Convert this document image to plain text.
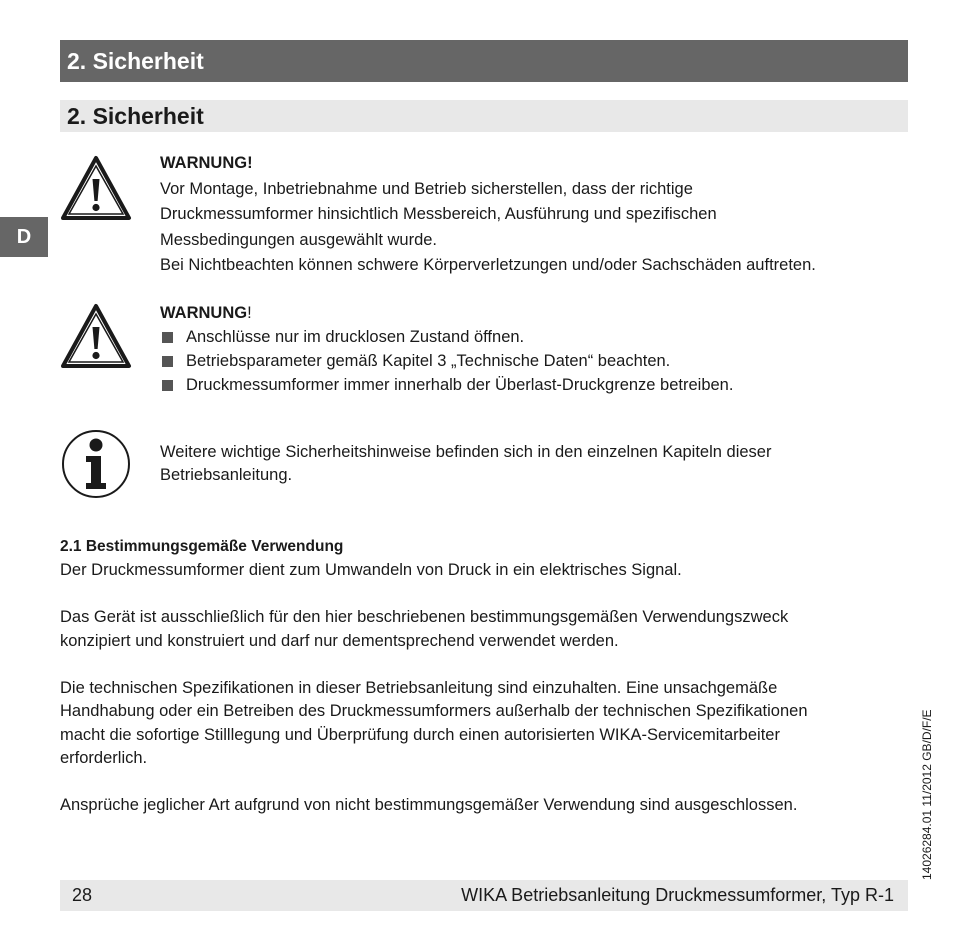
2. Sicherheit
2. Sicherheit
D
WARNUNG!
Vor Montage, Inbetriebnahme und Betrieb sicherstellen, dass der richtige
Druckmessumformer hinsichtlich Messbereich, Ausführung und spezifischen
Messbedingungen ausgewählt wurde.
Bei Nichtbeachten können schwere Körperverletzungen und/oder Sachschäden auftreten.
WARNUNG!
Anschlüsse nur im drucklosen Zustand öffnen.
Betriebsparameter gemäß Kapitel 3 „Technische Daten“ beachten.
Druckmessumformer immer innerhalb der Überlast-Druckgrenze betreiben.
Weitere wichtige Sicherheitshinweise befinden sich in den einzelnen Kapiteln dieser
Betriebsanleitung.
2.1 Bestimmungsgemäße Verwendung

Der Druckmessumformer dient zum Umwandeln von Druck in ein elektrisches Signal.

Das Gerät ist ausschließlich für den hier beschriebenen bestimmungsgemäßen Verwendungszweck
konzipiert und konstruiert und darf nur dementsprechend verwendet werden.

Die technischen Spezifikationen in dieser Betriebsanleitung sind einzuhalten. Eine unsachgemäße
Handhabung oder ein Betreiben des Druckmessumformers außerhalb der technischen Spezifikationen
macht die sofortige Stilllegung und Überprüfung durch einen autorisierten WIKA-Servicemitarbeiter
erforderlich.

Ansprüche jeglicher Art aufgrund von nicht bestimmungsgemäßer Verwendung sind ausgeschlossen.	14026284.01 11/2012 GB/D/F/E
28	WIKA Betriebsanleitung Druckmessumformer, Typ R-1
